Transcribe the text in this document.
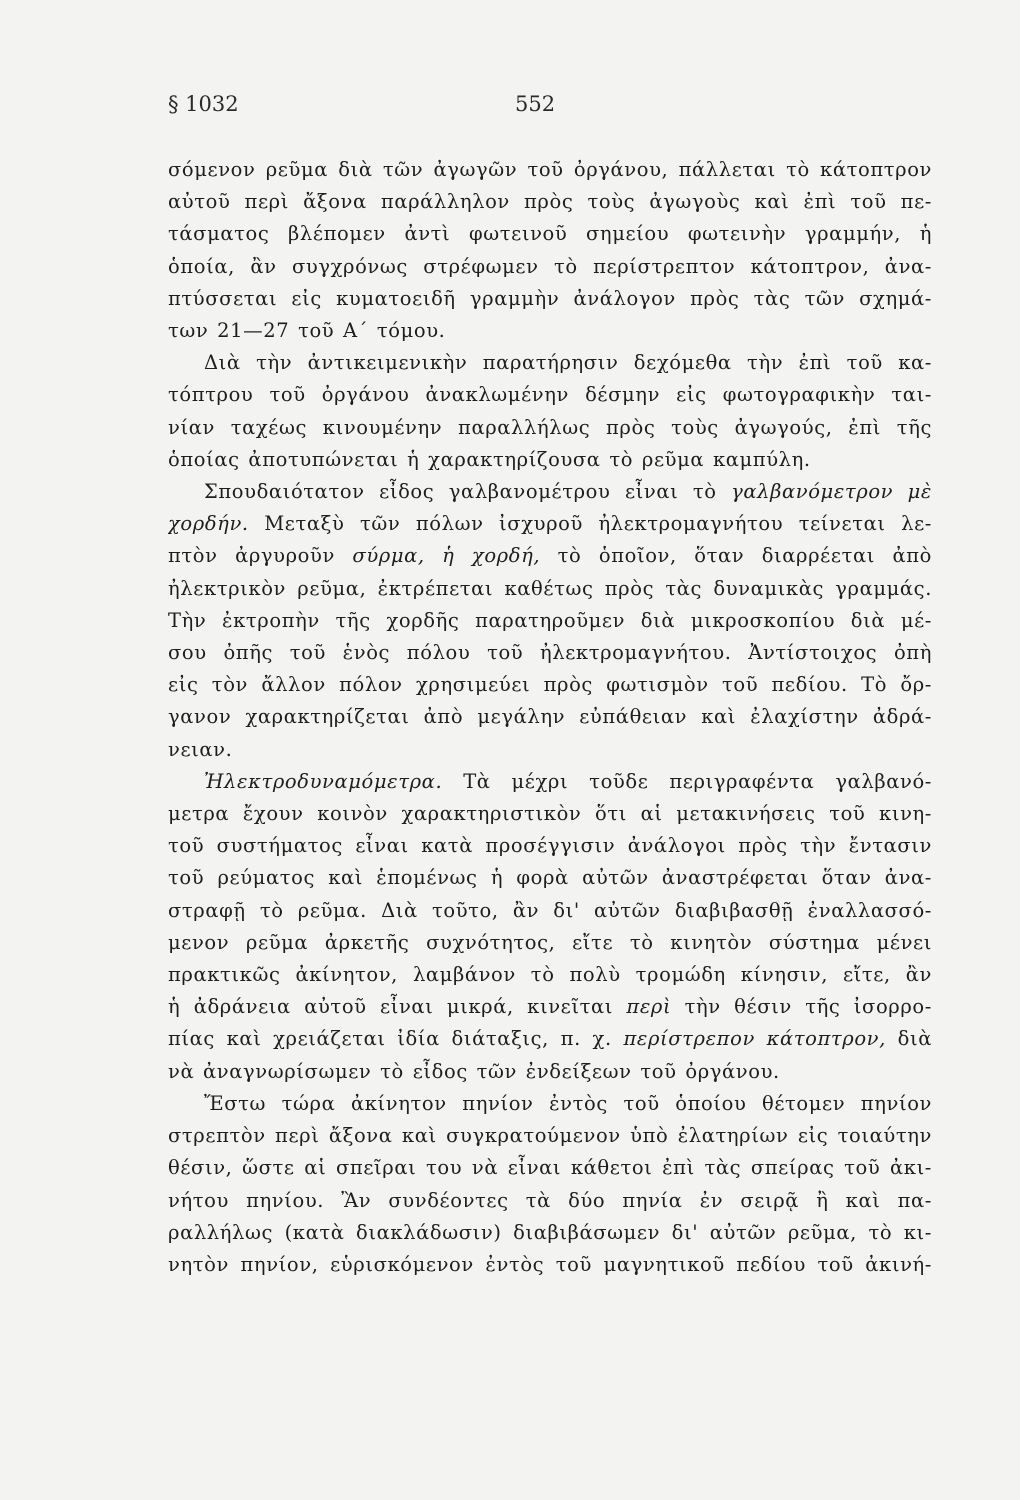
§ 1032	552
σόμενον ρεῦμα διὰ τῶν ἀγωγῶν τοῦ ὀργάνου, πάλλεται τὸ κάτοπτρον
αὐτοῦ περὶ ἄξονα παράλληλον πρὸς τοὺς ἀγωγοὺς καὶ ἐπὶ τοῦ πε-
τάσματος βλέπομεν ἀντὶ φωτεινοῦ σημείου φωτεινὴν γραμμήν, ἡ
ὁποία, ἂν συγχρόνως στρέφωμεν τὸ περίστρεπτον κάτοπτρον, ἀνα-
πτύσσεται εἰς κυματοειδῆ γραμμὴν ἀνάλογον πρὸς τὰς τῶν σχημά-
των 21—27 τοῦ Α΄ τόμου.
Διὰ τὴν ἀντικειμενικὴν παρατήρησιν δεχόμεθα τὴν ἐπὶ τοῦ κα-
τόπτρου τοῦ ὀργάνου ἀνακλωμένην δέσμην εἰς φωτογραφικὴν ται-
νίαν ταχέως κινουμένην παραλλήλως πρὸς τοὺς ἀγωγούς, ἐπὶ τῆς
ὁποίας ἀποτυπώνεται ἡ χαρακτηρίζουσα τὸ ρεῦμα καμπύλη.
Σπουδαιότατον εἶδος γαλβανομέτρου εἶναι τὸ γαλβανόμετρον μὲ
χορδήν. Μεταξὺ τῶν πόλων ἰσχυροῦ ἠλεκτρομαγνήτου τείνεται λε-
πτὸν ἀργυροῦν σύρμα, ἡ χορδή, τὸ ὁποῖον, ὅταν διαρρέεται ἀπὸ
ἠλεκτρικὸν ρεῦμα, ἐκτρέπεται καθέτως πρὸς τὰς δυναμικὰς γραμμάς.
Τὴν ἐκτροπὴν τῆς χορδῆς παρατηροῦμεν διὰ μικροσκοπίου διὰ μέ-
σου ὀπῆς τοῦ ἑνὸς πόλου τοῦ ἠλεκτρομαγνήτου. Ἀντίστοιχος ὀπὴ
εἰς τὸν ἄλλον πόλον χρησιμεύει πρὸς φωτισμὸν τοῦ πεδίου. Τὸ ὄρ-
γανον χαρακτηρίζεται ἀπὸ μεγάλην εὐπάθειαν καὶ ἐλαχίστην ἀδρά-
νειαν.
Ἠλεκτροδυναμόμετρα. Τὰ μέχρι τοῦδε περιγραφέντα γαλβανό-
μετρα ἔχουν κοινὸν χαρακτηριστικὸν ὅτι αἱ μετακινήσεις τοῦ κινη-
τοῦ συστήματος εἶναι κατὰ προσέγγισιν ἀνάλογοι πρὸς τὴν ἔντασιν
τοῦ ρεύματος καὶ ἑπομένως ἡ φορὰ αὐτῶν ἀναστρέφεται ὅταν ἀνα-
στραφῇ τὸ ρεῦμα. Διὰ τοῦτο, ἂν δι' αὐτῶν διαβιβασθῇ ἐναλλασσό-
μενον ρεῦμα ἀρκετῆς συχνότητος, εἴτε τὸ κινητὸν σύστημα μένει
πρακτικῶς ἀκίνητον, λαμβάνον τὸ πολὺ τρομώδη κίνησιν, εἴτε, ἂν
ἡ ἀδράνεια αὐτοῦ εἶναι μικρά, κινεῖται περὶ τὴν θέσιν τῆς ἰσορρο-
πίας καὶ χρειάζεται ἰδία διάταξις, π. χ. περίστρεπον κάτοπτρον, διὰ
νὰ ἀναγνωρίσωμεν τὸ εἶδος τῶν ἐνδείξεων τοῦ ὀργάνου.
Ἔστω τώρα ἀκίνητον πηνίον ἐντὸς τοῦ ὁποίου θέτομεν πηνίον
στρεπτὸν περὶ ἄξονα καὶ συγκρατούμενον ὑπὸ ἐλατηρίων εἰς τοιαύτην
θέσιν, ὥστε αἱ σπεῖραι του νὰ εἶναι κάθετοι ἐπὶ τὰς σπείρας τοῦ ἀκι-
νήτου πηνίου. Ἂν συνδέοντες τὰ δύο πηνία ἐν σειρᾷ ἢ καὶ πα-
ραλλήλως (κατὰ διακλάδωσιν) διαβιβάσωμεν δι' αὐτῶν ρεῦμα, τὸ κι-
νητὸν πηνίον, εὑρισκόμενον ἐντὸς τοῦ μαγνητικοῦ πεδίου τοῦ ἀκινή-
